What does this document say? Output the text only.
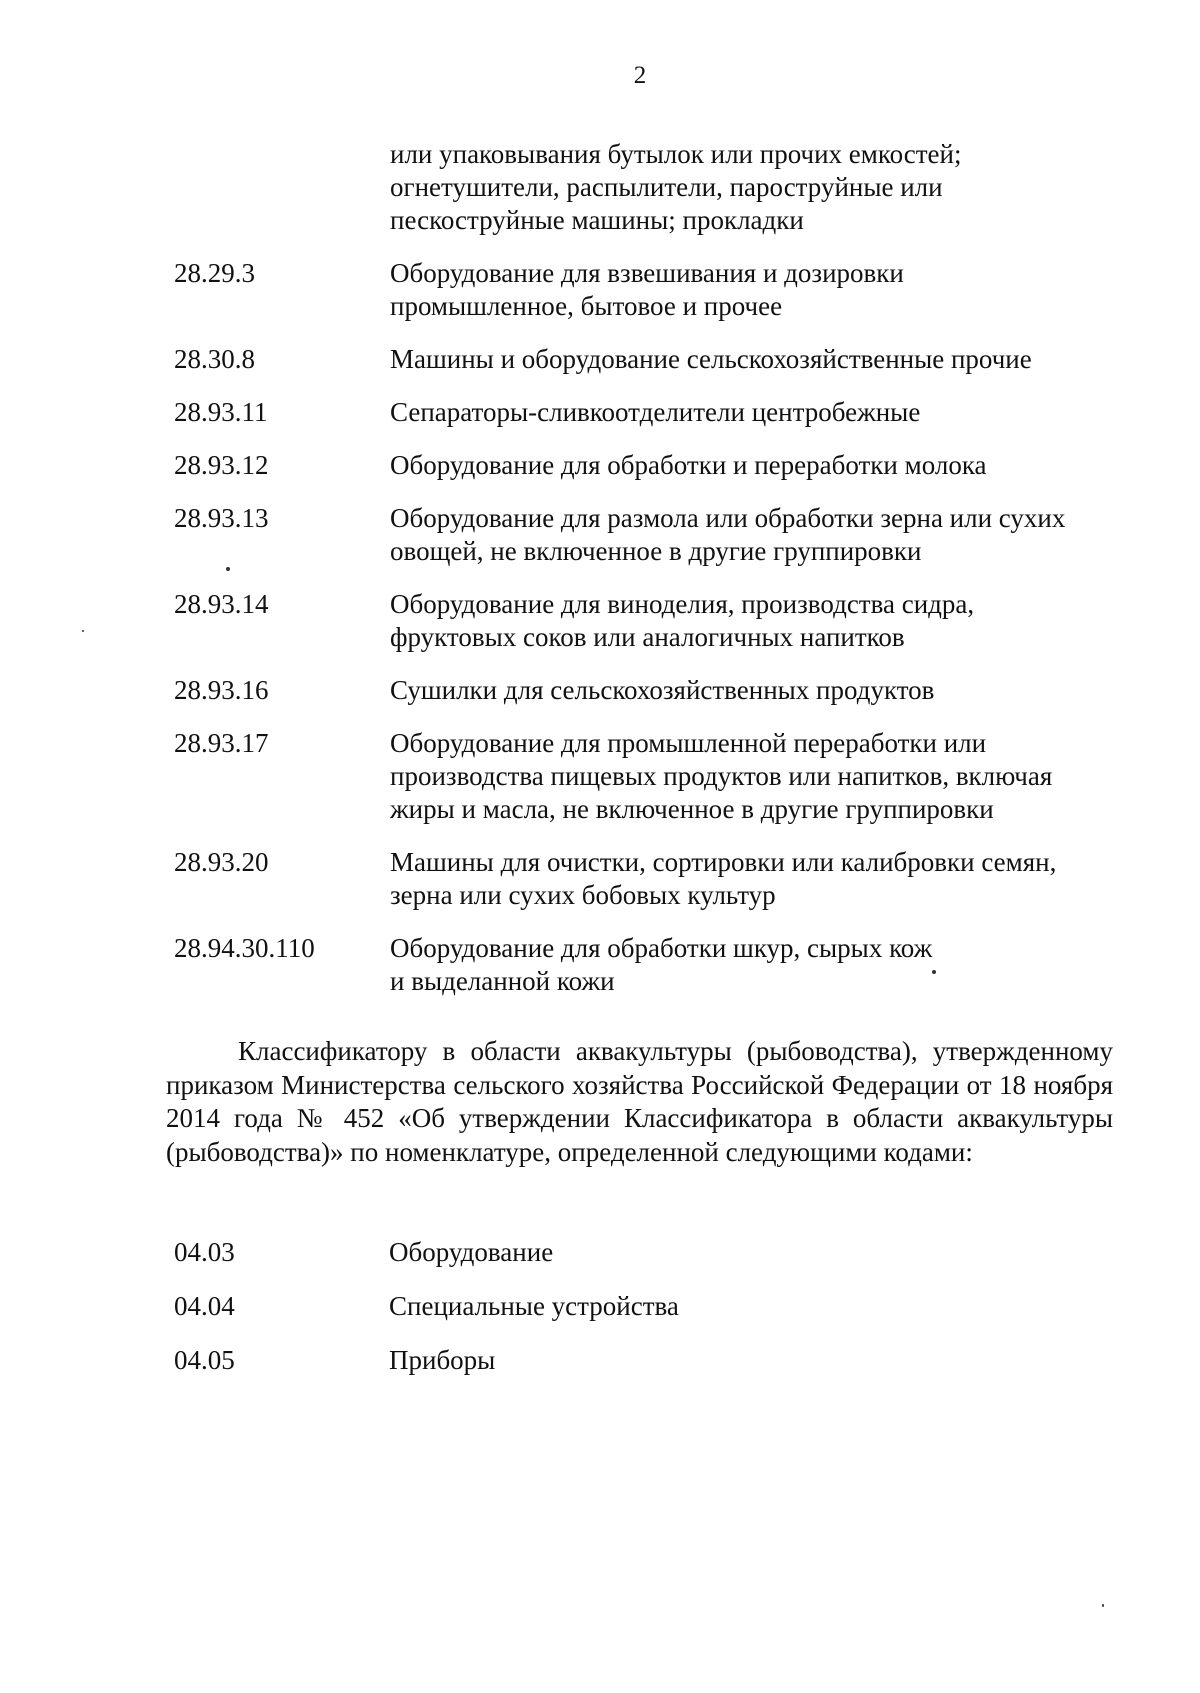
2
или упаковывания бутылок или прочих емкостей;
огнетушители, распылители, пароструйные или
пескоструйные машины; прокладки
28.29.3	Оборудование для взвешивания и дозировки
промышленное, бытовое и прочее
28.30.8	Машины и оборудование сельскохозяйственные прочие
28.93.11	Сепараторы-сливкоотделители центробежные
28.93.12	Оборудование для обработки и переработки молока
28.93.13	Оборудование для размола или обработки зерна или сухих
овощей, не включенное в другие группировки
28.93.14	Оборудование для виноделия, производства сидра,
фруктовых соков или аналогичных напитков
28.93.16	Сушилки для сельскохозяйственных продуктов
28.93.17	Оборудование для промышленной переработки или
производства пищевых продуктов или напитков, включая
жиры и масла, не включенное в другие группировки
28.93.20	Машины для очистки, сортировки или калибровки семян,
зерна или сухих бобовых культур
28.94.30.110	Оборудование для обработки шкур, сырых кож
и выделанной кожи
Классификатору в области аквакультуры (рыбоводства), утвержденному приказом Министерства сельского хозяйства Российской Федерации от 18 ноября 2014 года № 452 «Об утверждении Классификатора в области аквакультуры (рыбоводства)» по номенклатуре, определенной следующими кодами:
04.03	Оборудование
04.04	Специальные устройства
04.05	Приборы
